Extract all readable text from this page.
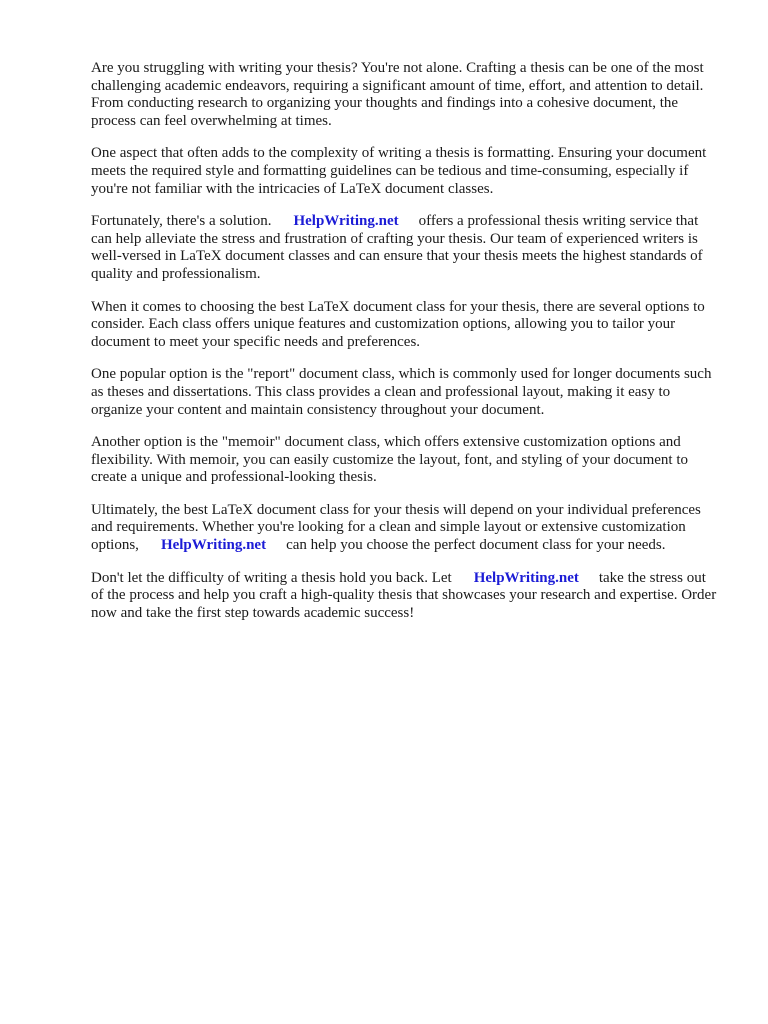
Are you struggling with writing your thesis? You're not alone. Crafting a thesis can be one of the most challenging academic endeavors, requiring a significant amount of time, effort, and attention to detail. From conducting research to organizing your thoughts and findings into a cohesive document, the process can feel overwhelming at times.

One aspect that often adds to the complexity of writing a thesis is formatting. Ensuring your document meets the required style and formatting guidelines can be tedious and time-consuming, especially if you're not familiar with the intricacies of LaTeX document classes.

Fortunately, there's a solution. HelpWriting.net offers a professional thesis writing service that can help alleviate the stress and frustration of crafting your thesis. Our team of experienced writers is well-versed in LaTeX document classes and can ensure that your thesis meets the highest standards of quality and professionalism.

When it comes to choosing the best LaTeX document class for your thesis, there are several options to consider. Each class offers unique features and customization options, allowing you to tailor your document to meet your specific needs and preferences.

One popular option is the "report" document class, which is commonly used for longer documents such as theses and dissertations. This class provides a clean and professional layout, making it easy to organize your content and maintain consistency throughout your document.

Another option is the "memoir" document class, which offers extensive customization options and flexibility. With memoir, you can easily customize the layout, font, and styling of your document to create a unique and professional-looking thesis.

Ultimately, the best LaTeX document class for your thesis will depend on your individual preferences and requirements. Whether you're looking for a clean and simple layout or extensive customization options, HelpWriting.net can help you choose the perfect document class for your needs.

Don't let the difficulty of writing a thesis hold you back. Let HelpWriting.net take the stress out of the process and help you craft a high-quality thesis that showcases your research and expertise. Order now and take the first step towards academic success!
